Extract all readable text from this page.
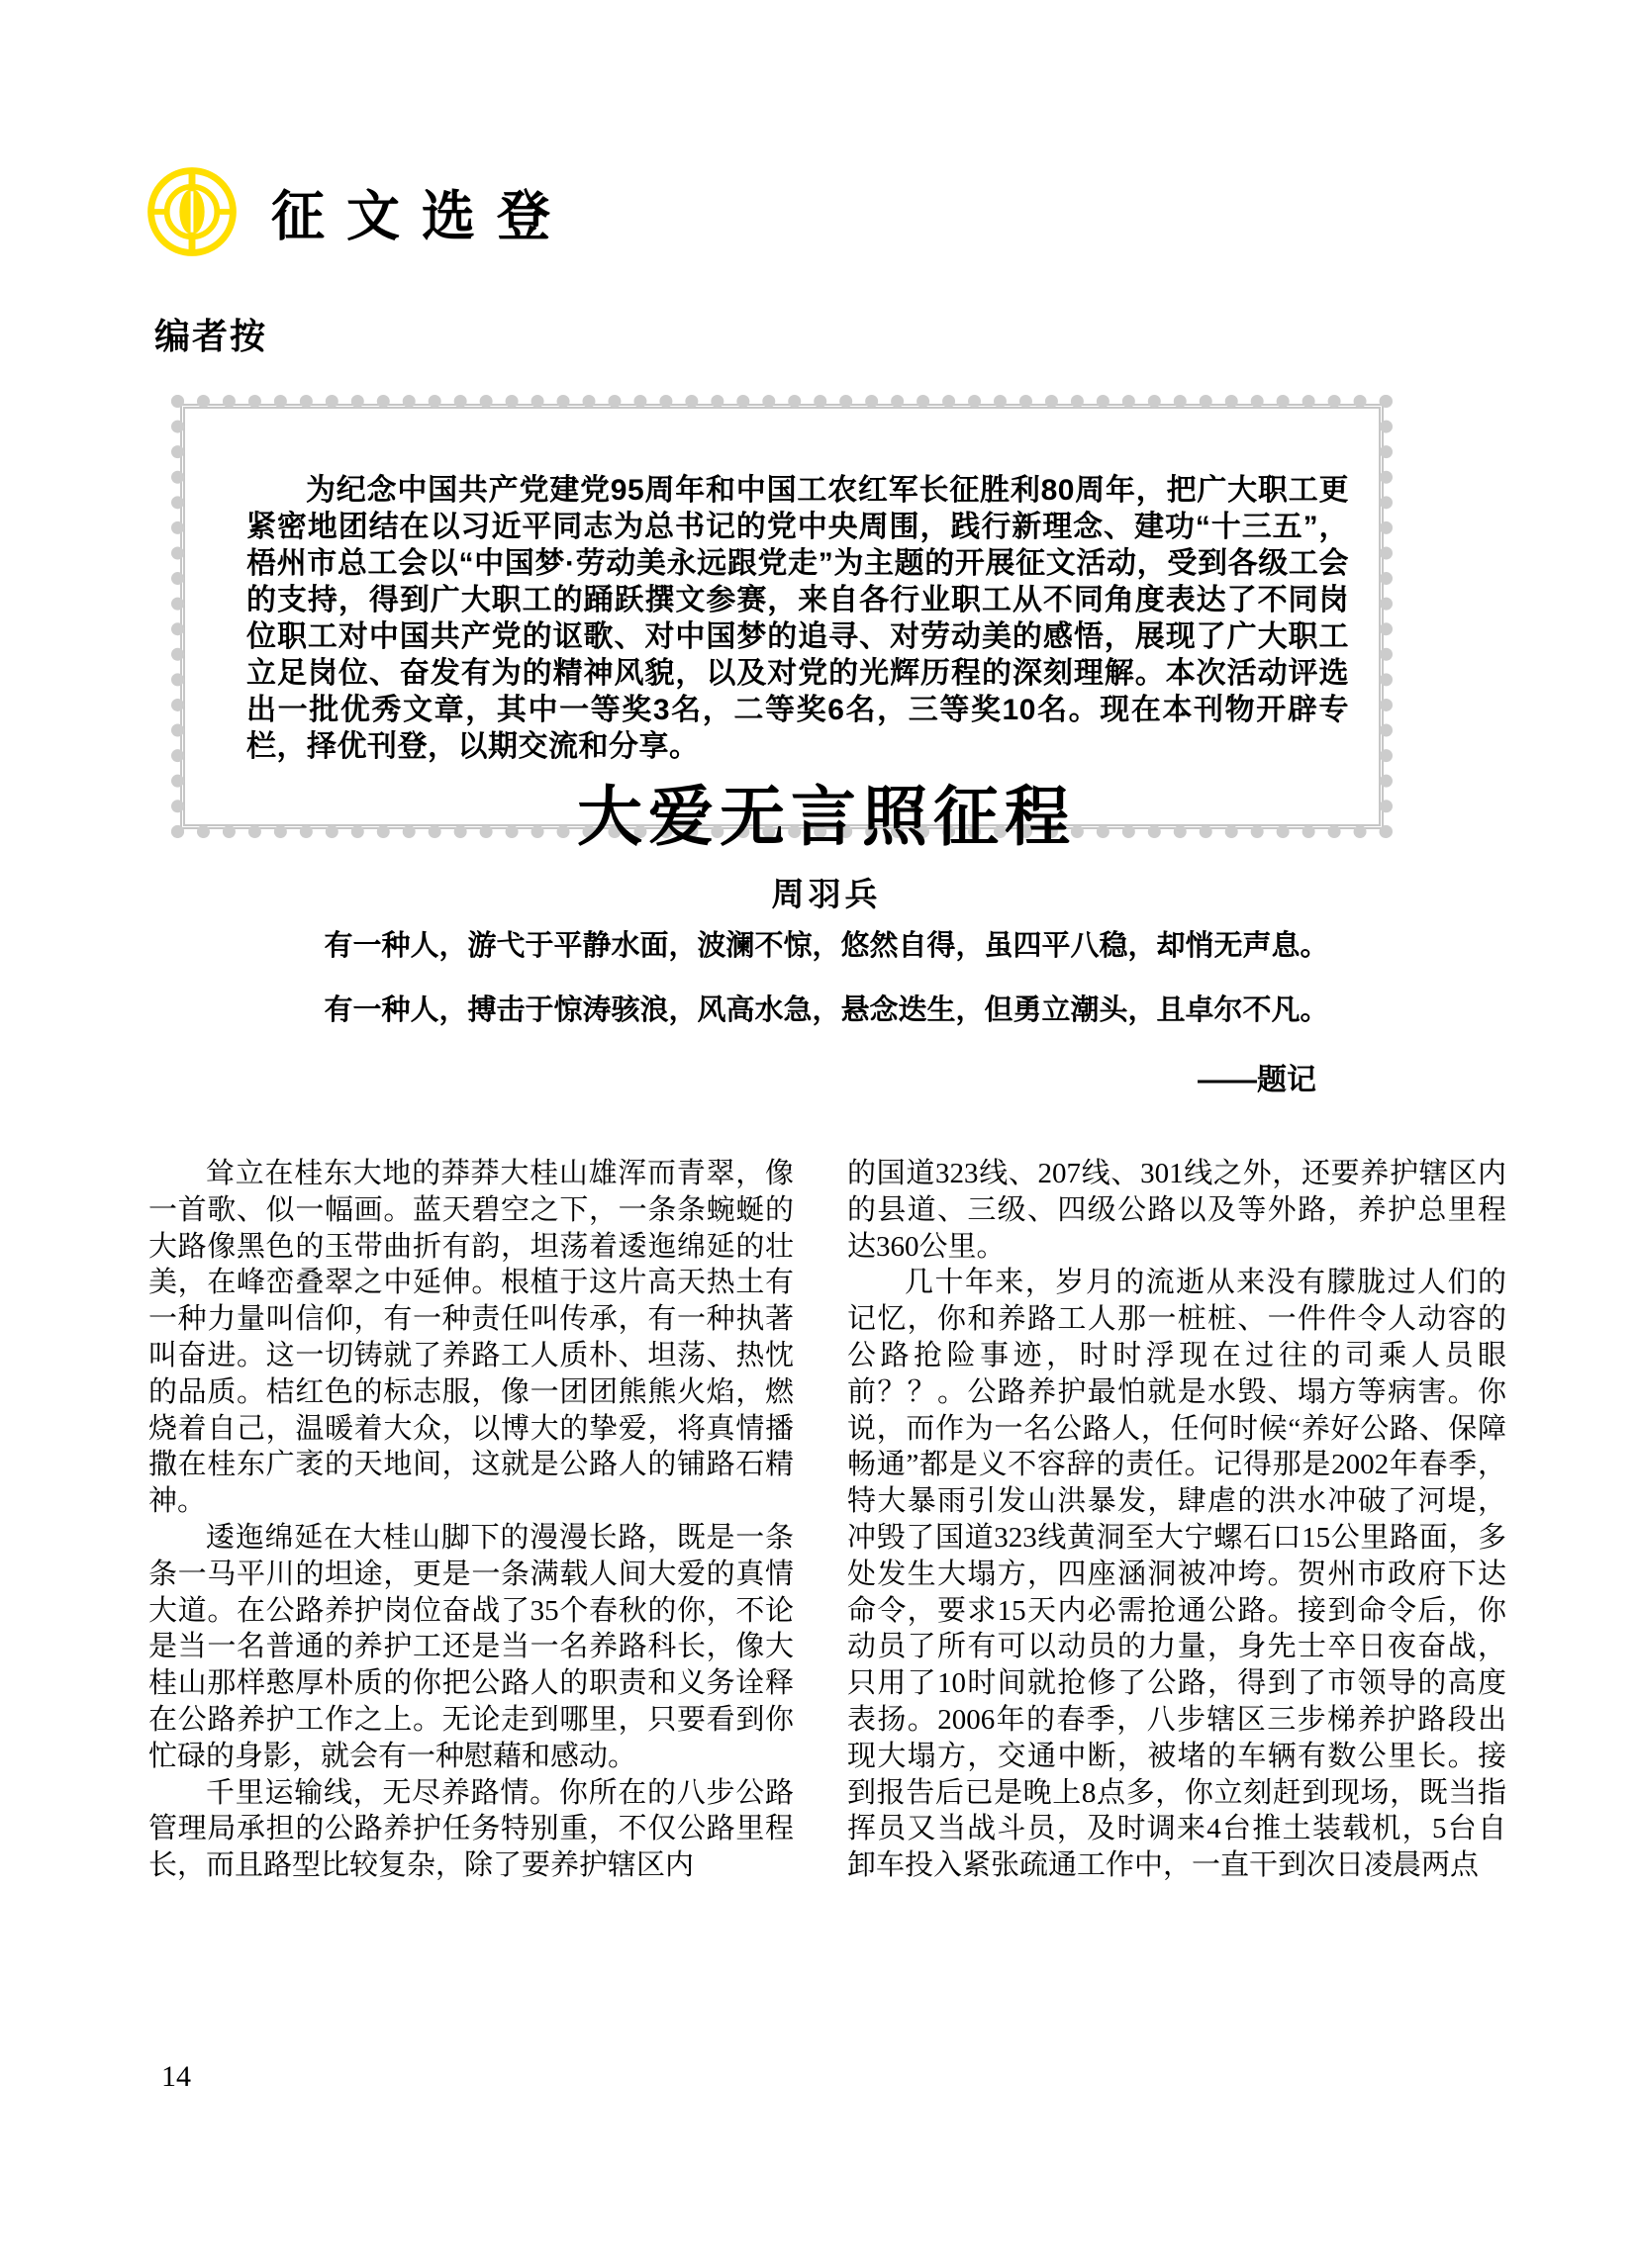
征文选登
编者按

为纪念中国共产党建党95周年和中国工农红军长征胜利80周年，把广大职工更紧密地团结在以习近平同志为总书记的党中央周围，践行新理念、建功“十三五”，梧州市总工会以“中国梦·劳动美永远跟党走”为主题的开展征文活动，受到各级工会的支持，得到广大职工的踊跃撰文参赛，来自各行业职工从不同角度表达了不同岗位职工对中国共产党的讴歌、对中国梦的追寻、对劳动美的感悟，展现了广大职工立足岗位、奋发有为的精神风貌，以及对党的光辉历程的深刻理解。本次活动评选出一批优秀文章，其中一等奖3名，二等奖6名，三等奖10名。现在本刊物开辟专栏，择优刊登，以期交流和分享。

大爱无言照征程
周羽兵
有一种人，游弋于平静水面，波澜不惊，悠然自得，虽四平八稳，却悄无声息。
有一种人，搏击于惊涛骇浪，风高水急，悬念迭生，但勇立潮头，且卓尔不凡。
——题记

耸立在桂东大地的莽莽大桂山雄浑而青翠，像一首歌、似一幅画。蓝天碧空之下，一条条蜿蜒的大路像黑色的玉带曲折有韵，坦荡着逶迤绵延的壮美，在峰峦叠翠之中延伸。根植于这片高天热土有一种力量叫信仰，有一种责任叫传承，有一种执著叫奋进。这一切铸就了养路工人质朴、坦荡、热忱的品质。桔红色的标志服，像一团团熊熊火焰，燃烧着自己，温暖着大众，以博大的挚爱，将真情播撒在桂东广袤的天地间，这就是公路人的铺路石精神。

逶迤绵延在大桂山脚下的漫漫长路，既是一条条一马平川的坦途，更是一条满载人间大爱的真情大道。在公路养护岗位奋战了35个春秋的你，不论是当一名普通的养护工还是当一名养路科长，像大桂山那样憨厚朴质的你把公路人的职责和义务诠释在公路养护工作之上。无论走到哪里，只要看到你忙碌的身影，就会有一种慰藉和感动。

千里运输线，无尽养路情。你所在的八步公路管理局承担的公路养护任务特别重，不仅公路里程长，而且路型比较复杂，除了要养护辖区内

的国道323线、207线、301线之外，还要养护辖区内的县道、三级、四级公路以及等外路，养护总里程达360公里。

几十年来，岁月的流逝从来没有朦胧过人们的记忆，你和养路工人那一桩桩、一件件令人动容的公路抢险事迹，时时浮现在过往的司乘人员眼前？？。公路养护最怕就是水毁、塌方等病害。你说，而作为一名公路人，任何时候“养好公路、保障畅通”都是义不容辞的责任。记得那是2002年春季，特大暴雨引发山洪暴发，肆虐的洪水冲破了河堤，冲毁了国道323线黄洞至大宁螺石口15公里路面，多处发生大塌方，四座涵洞被冲垮。贺州市政府下达命令，要求15天内必需抢通公路。接到命令后，你动员了所有可以动员的力量，身先士卒日夜奋战，只用了10时间就抢修了公路，得到了市领导的高度表扬。2006年的春季，八步辖区三步梯养护路段出现大塌方，交通中断，被堵的车辆有数公里长。接到报告后已是晚上8点多，你立刻赶到现场，既当指挥员又当战斗员，及时调来4台推土装载机，5台自卸车投入紧张疏通工作中，一直干到次日凌晨两点

14
